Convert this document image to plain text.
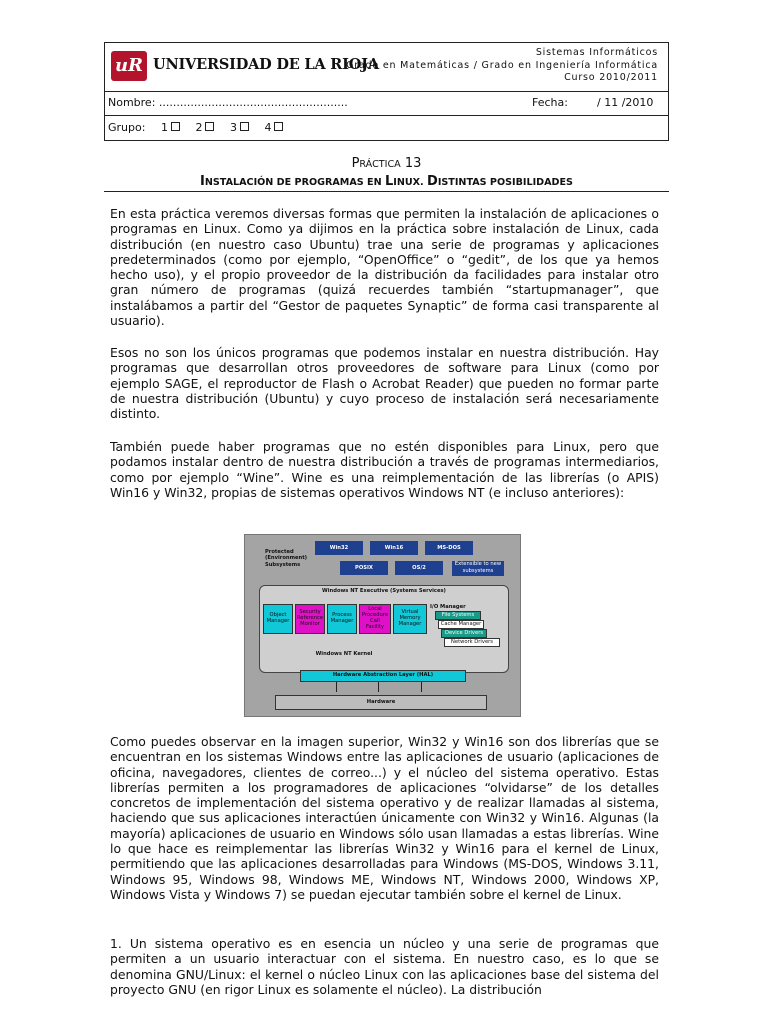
uR UNIVERSIDAD DE LA RIOJA
Sistemas Informáticos
Grado en Matemáticas / Grado en Ingeniería Informática
Curso 2010/2011
Nombre: ......................................................	Fecha:	/ 11 /2010
Grupo: 1	2	3	4
PRÁCTICA 13
INSTALACIÓN DE PROGRAMAS EN LINUX. DISTINTAS POSIBILIDADES

En esta práctica veremos diversas formas que permiten la instalación de aplicaciones o programas en Linux. Como ya dijimos en la práctica sobre instalación de Linux, cada distribución (en nuestro caso Ubuntu) trae una serie de programas y aplicaciones predeterminados (como por ejemplo, “OpenOffice” o “gedit”, de los que ya hemos hecho uso), y el propio proveedor de la distribución da facilidades para instalar otro gran número de programas (quizá recuerdes también “startupmanager”, que instalábamos a partir del “Gestor de paquetes Synaptic” de forma casi transparente al usuario).

Esos no son los únicos programas que podemos instalar en nuestra distribución. Hay programas que desarrollan otros proveedores de software para Linux (como por ejemplo SAGE, el reproductor de Flash o Acrobat Reader) que pueden no formar parte de nuestra distribución (Ubuntu) y cuyo proceso de instalación será necesariamente distinto.

También puede haber programas que no estén disponibles para Linux, pero que podamos instalar dentro de nuestra distribución a través de programas intermediarios, como por ejemplo “Wine”. Wine es una reimplementación de las librerías (o APIS) Win16 y Win32, propias de sistemas operativos Windows NT (e incluso anteriores):

Protected (Environment) Subsystems
Win32	Win16	MS-DOS
POSIX	OS/2
Extensible to new subsystems
Windows NT Executive (Systems Services)
Object Manager
Security Reference Monitor
Process Manager
Local Procedure Call Facility
Virtual Memory Manager
I/O Manager
File Systems
Cache Manager
Device Drivers
Network Drivers
Windows NT Kernel
Hardware Abstraction Layer (HAL)
Hardware

Como puedes observar en la imagen superior, Win32 y Win16 son dos librerías que se encuentran en los sistemas Windows entre las aplicaciones de usuario (aplicaciones de oficina, navegadores, clientes de correo...) y el núcleo del sistema operativo. Estas librerías permiten a los programadores de aplicaciones “olvidarse” de los detalles concretos de implementación del sistema operativo y de realizar llamadas al sistema, haciendo que sus aplicaciones interactúen únicamente con Win32 y Win16. Algunas (la mayoría) aplicaciones de usuario en Windows sólo usan llamadas a estas librerías. Wine lo que hace es reimplementar las librerías Win32 y Win16 para el kernel de Linux, permitiendo que las aplicaciones desarrolladas para Windows (MS-DOS, Windows 3.11, Windows 95, Windows 98, Windows ME, Windows NT, Windows 2000, Windows XP, Windows Vista y Windows 7) se puedan ejecutar también sobre el kernel de Linux.

1. Un sistema operativo es en esencia un núcleo y una serie de programas que permiten a un usuario interactuar con el sistema. En nuestro caso, es lo que se denomina GNU/Linux: el kernel o núcleo Linux con las aplicaciones base del sistema del proyecto GNU (en rigor Linux es solamente el núcleo). La distribución
